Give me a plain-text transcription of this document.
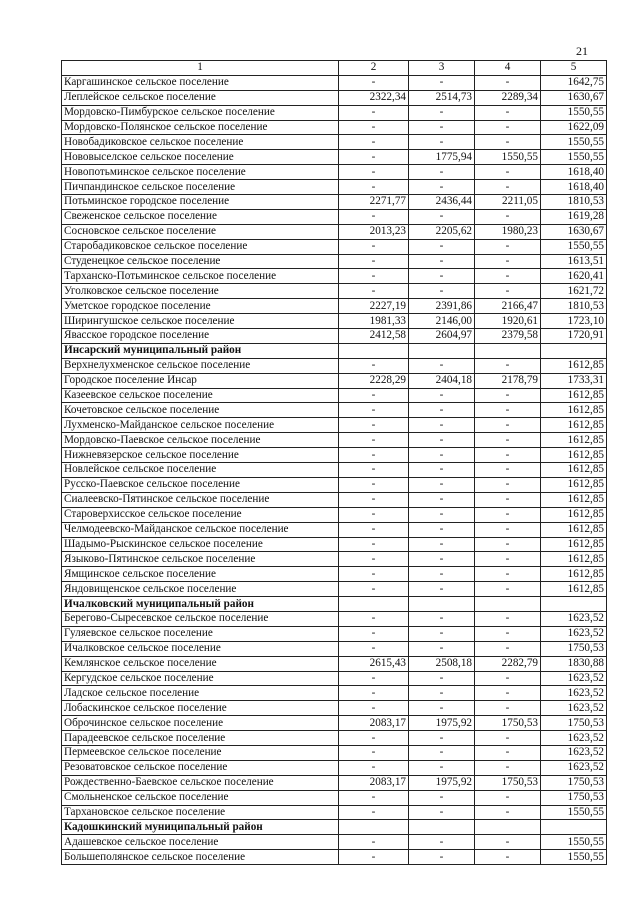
21
1	2	3	4	5
Каргашинское сельское поселение	-	-	-	1642,75
Леплейское сельское поселение	2322,34	2514,73	2289,34	1630,67
Мордовско-Пимбурское сельское поселение	-	-	-	1550,55
Мордовско-Полянское сельское поселение	-	-	-	1622,09
Новобадиковское сельское поселение	-	-	-	1550,55
Нововыселское сельское поселение	-	1775,94	1550,55	1550,55
Новопотьминское сельское поселение	-	-	-	1618,40
Пичпандинское сельское поселение	-	-	-	1618,40
Потьминское городское поселение	2271,77	2436,44	2211,05	1810,53
Свеженское сельское поселение	-	-	-	1619,28
Сосновское сельское поселение	2013,23	2205,62	1980,23	1630,67
Старобадиковское сельское поселение	-	-	-	1550,55
Студенецкое сельское поселение	-	-	-	1613,51
Тарханско-Потьминское сельское поселение	-	-	-	1620,41
Уголковское сельское поселение	-	-	-	1621,72
Уметское городское поселение	2227,19	2391,86	2166,47	1810,53
Ширингушское сельское поселение	1981,33	2146,00	1920,61	1723,10
Явасское городское поселение	2412,58	2604,97	2379,58	1720,91
Инсарский муниципальный район				
Верхнелухменское сельское поселение	-	-	-	1612,85
Городское поселение Инсар	2228,29	2404,18	2178,79	1733,31
Казеевское сельское поселение	-	-	-	1612,85
Кочетовское сельское поселение	-	-	-	1612,85
Лухменско-Майданское сельское поселение	-	-	-	1612,85
Мордовско-Паевское сельское поселение	-	-	-	1612,85
Нижневязерское сельское поселение	-	-	-	1612,85
Новлейское сельское поселение	-	-	-	1612,85
Русско-Паевское сельское поселение	-	-	-	1612,85
Сиалеевско-Пятинское сельское поселение	-	-	-	1612,85
Староверхисское сельское поселение	-	-	-	1612,85
Челмодеевско-Майданское сельское поселение	-	-	-	1612,85
Шадымо-Рыскинское сельское поселение	-	-	-	1612,85
Языково-Пятинское сельское поселение	-	-	-	1612,85
Ямщинское сельское поселение	-	-	-	1612,85
Яндовищенское сельское поселение	-	-	-	1612,85
Ичалковский муниципальный район				
Берегово-Сыресевское сельское поселение	-	-	-	1623,52
Гуляевское сельское поселение	-	-	-	1623,52
Ичалковское сельское поселение	-	-	-	1750,53
Кемлянское сельское поселение	2615,43	2508,18	2282,79	1830,88
Кергудское сельское поселение	-	-	-	1623,52
Ладское сельское поселение	-	-	-	1623,52
Лобаскинское сельское поселение	-	-	-	1623,52
Оброчинское сельское поселение	2083,17	1975,92	1750,53	1750,53
Парадеевское сельское поселение	-	-	-	1623,52
Пермеевское сельское поселение	-	-	-	1623,52
Резоватовское сельское поселение	-	-	-	1623,52
Рождественно-Баевское сельское поселение	2083,17	1975,92	1750,53	1750,53
Смольненское сельское поселение	-	-	-	1750,53
Тархановское сельское поселение	-	-	-	1550,55
Кадошкинский муниципальный район				
Адашевское сельское поселение	-	-	-	1550,55
Большеполянское сельское поселение	-	-	-	1550,55
